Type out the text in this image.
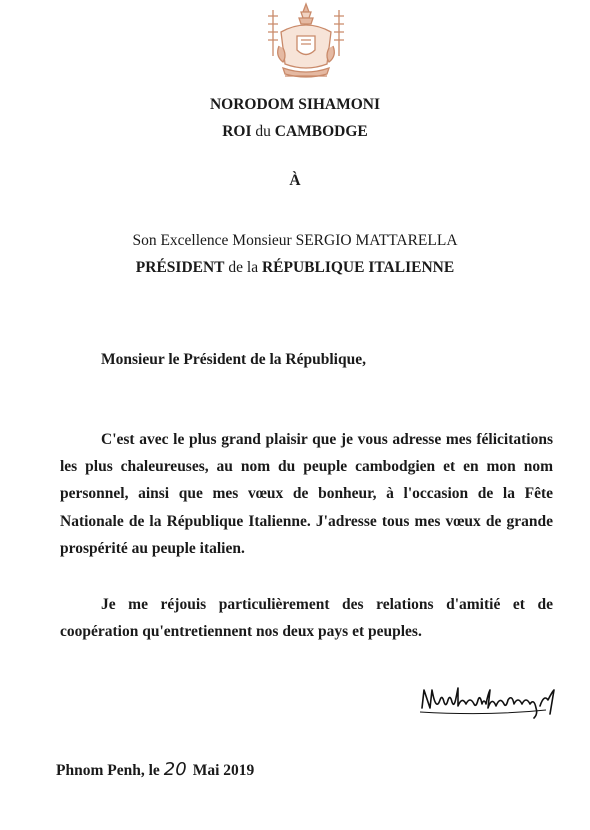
NORODOM SIHAMONI
ROI du CAMBODGE
À
Son Excellence Monsieur SERGIO MATTARELLA
PRÉSIDENT de la RÉPUBLIQUE ITALIENNE
Monsieur le Président de la République,

C'est avec le plus grand plaisir que je vous adresse mes félicitations les plus chaleureuses, au nom du peuple cambodgien et en mon nom personnel, ainsi que mes vœux de bonheur, à l'occasion de la Fête Nationale de la République Italienne. J'adresse tous mes vœux de grande prospérité au peuple italien.

Je me réjouis particulièrement des relations d'amitié et de coopération qu'entretiennent nos deux pays et peuples.

Phnom Penh, le 20 Mai 2019
